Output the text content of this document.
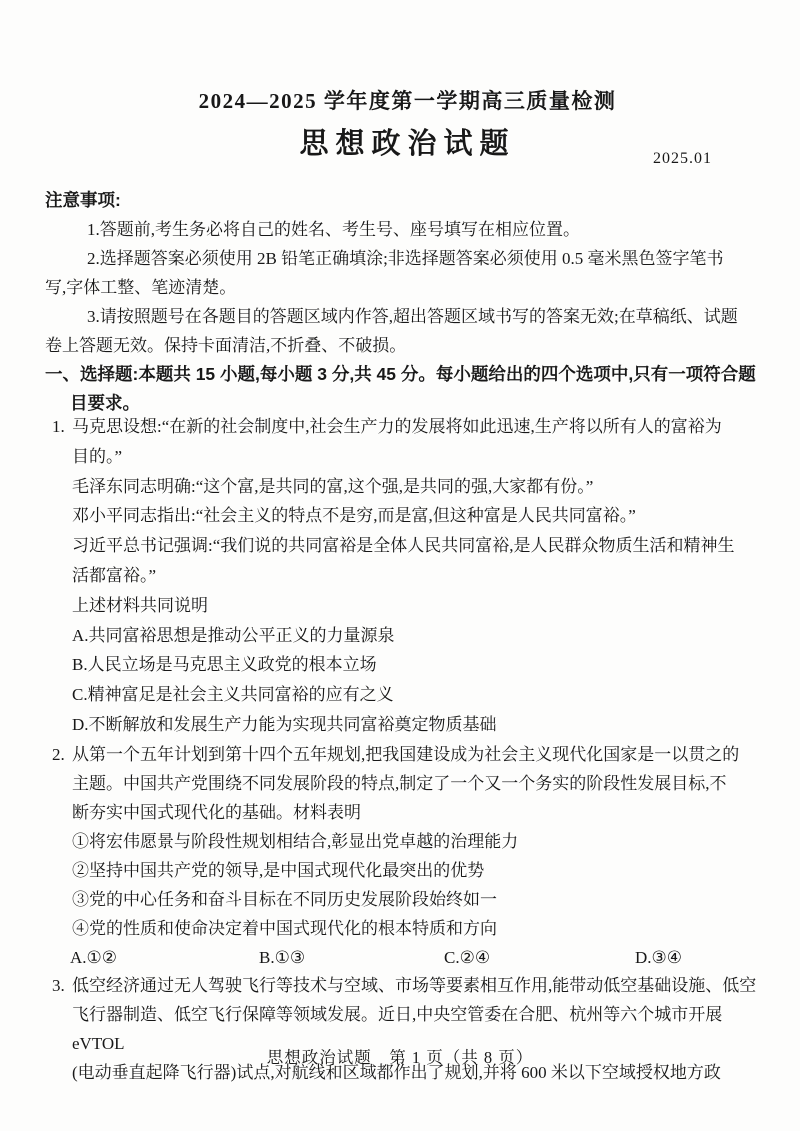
2025.01
2024—2025 学年度第一学期高三质量检测
思想政治试题
注意事项:
1.答题前,考生务必将自己的姓名、考生号、座号填写在相应位置。
2.选择题答案必须使用 2B 铅笔正确填涂;非选择题答案必须使用 0.5 毫米黑色签字笔书
写,字体工整、笔迹清楚。
3.请按照题号在各题目的答题区域内作答,超出答题区域书写的答案无效;在草稿纸、试题
卷上答题无效。保持卡面清洁,不折叠、不破损。
一、选择题:本题共 15 小题,每小题 3 分,共 45 分。每小题给出的四个选项中,只有一项符合题
目要求。
1. 马克思设想:“在新的社会制度中,社会生产力的发展将如此迅速,生产将以所有人的富裕为
目的。”
毛泽东同志明确:“这个富,是共同的富,这个强,是共同的强,大家都有份。”
邓小平同志指出:“社会主义的特点不是穷,而是富,但这种富是人民共同富裕。”
习近平总书记强调:“我们说的共同富裕是全体人民共同富裕,是人民群众物质生活和精神生
活都富裕。”
上述材料共同说明
A.共同富裕思想是推动公平正义的力量源泉
B.人民立场是马克思主义政党的根本立场
C.精神富足是社会主义共同富裕的应有之义
D.不断解放和发展生产力能为实现共同富裕奠定物质基础
2. 从第一个五年计划到第十四个五年规划,把我国建设成为社会主义现代化国家是一以贯之的
主题。中国共产党围绕不同发展阶段的特点,制定了一个又一个务实的阶段性发展目标,不
断夯实中国式现代化的基础。材料表明
①将宏伟愿景与阶段性规划相结合,彰显出党卓越的治理能力
②坚持中国共产党的领导,是中国式现代化最突出的优势
③党的中心任务和奋斗目标在不同历史发展阶段始终如一
④党的性质和使命决定着中国式现代化的根本特质和方向
A.①②	B.①③	C.②④	D.③④
3. 低空经济通过无人驾驶飞行等技术与空域、市场等要素相互作用,能带动低空基础设施、低空
飞行器制造、低空飞行保障等领域发展。近日,中央空管委在合肥、杭州等六个城市开展 eVTOL
(电动垂直起降飞行器)试点,对航线和区域都作出了规划,并将 600 米以下空域授权地方政
思想政治试题　第 1 页（共 8 页）
